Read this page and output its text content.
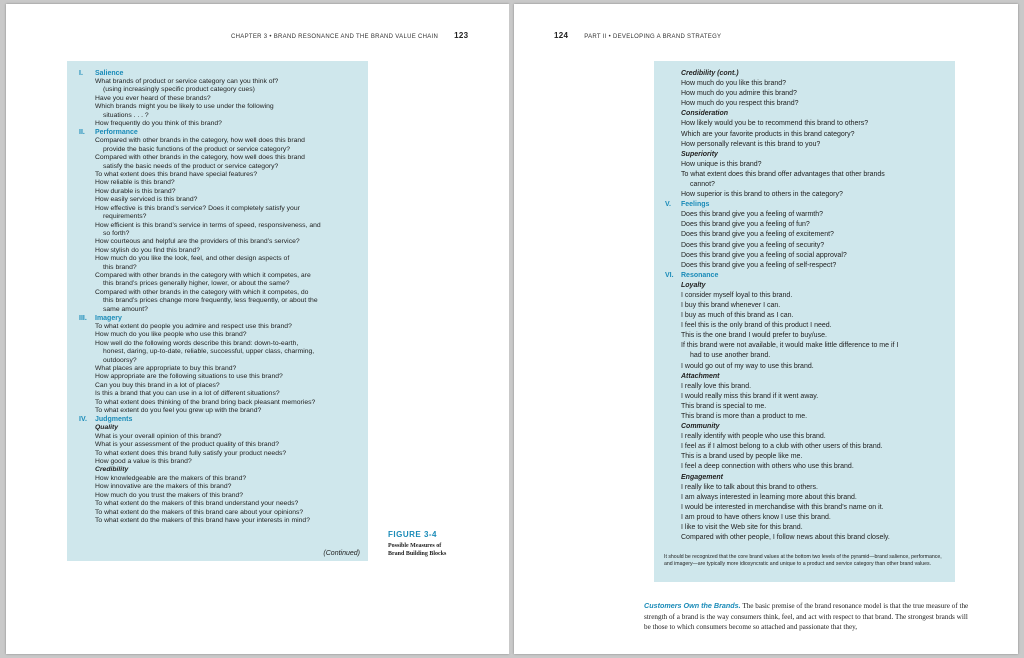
CHAPTER 3 • BRAND RESONANCE AND THE BRAND VALUE CHAIN 123
I. Salience
What brands of product or service category can you think of?
(using increasingly specific product category cues)
Have you ever heard of these brands?
Which brands might you be likely to use under the following
situations . . . ?
How frequently do you think of this brand?
II. Performance
Compared with other brands in the category, how well does this brand
provide the basic functions of the product or service category?
Compared with other brands in the category, how well does this brand
satisfy the basic needs of the product or service category?
To what extent does this brand have special features?
How reliable is this brand?
How durable is this brand?
How easily serviced is this brand?
How effective is this brand’s service? Does it completely satisfy your
requirements?
How efficient is this brand’s service in terms of speed, responsiveness, and
so forth?
How courteous and helpful are the providers of this brand’s service?
How stylish do you find this brand?
How much do you like the look, feel, and other design aspects of
this brand?
Compared with other brands in the category with which it competes, are
this brand’s prices generally higher, lower, or about the same?
Compared with other brands in the category with which it competes, do
this brand’s prices change more frequently, less frequently, or about the
same amount?
III. Imagery
To what extent do people you admire and respect use this brand?
How much do you like people who use this brand?
How well do the following words describe this brand: down-to-earth,
honest, daring, up-to-date, reliable, successful, upper class, charming,
outdoorsy?
What places are appropriate to buy this brand?
How appropriate are the following situations to use this brand?
Can you buy this brand in a lot of places?
Is this a brand that you can use in a lot of different situations?
To what extent does thinking of the brand bring back pleasant memories?
To what extent do you feel you grew up with the brand?
IV. Judgments
Quality
What is your overall opinion of this brand?
What is your assessment of the product quality of this brand?
To what extent does this brand fully satisfy your product needs?
How good a value is this brand?
Credibility
How knowledgeable are the makers of this brand?
How innovative are the makers of this brand?
How much do you trust the makers of this brand?
To what extent do the makers of this brand understand your needs?
To what extent do the makers of this brand care about your opinions?
To what extent do the makers of this brand have your interests in mind?
(Continued)
FIGURE 3-4
Possible Measures of
Brand Building Blocks
124	PART II • DEVELOPING A BRAND STRATEGY
Credibility (cont.)
How much do you like this brand?
How much do you admire this brand?
How much do you respect this brand?
Consideration
How likely would you be to recommend this brand to others?
Which are your favorite products in this brand category?
How personally relevant is this brand to you?
Superiority
How unique is this brand?
To what extent does this brand offer advantages that other brands
cannot?
How superior is this brand to others in the category?
V. Feelings
Does this brand give you a feeling of warmth?
Does this brand give you a feeling of fun?
Does this brand give you a feeling of excitement?
Does this brand give you a feeling of security?
Does this brand give you a feeling of social approval?
Does this brand give you a feeling of self-respect?
VI. Resonance
Loyalty
I consider myself loyal to this brand.
I buy this brand whenever I can.
I buy as much of this brand as I can.
I feel this is the only brand of this product I need.
This is the one brand I would prefer to buy/use.
If this brand were not available, it would make little difference to me if I
had to use another brand.
I would go out of my way to use this brand.
Attachment
I really love this brand.
I would really miss this brand if it went away.
This brand is special to me.
This brand is more than a product to me.
Community
I really identify with people who use this brand.
I feel as if I almost belong to a club with other users of this brand.
This is a brand used by people like me.
I feel a deep connection with others who use this brand.
Engagement
I really like to talk about this brand to others.
I am always interested in learning more about this brand.
I would be interested in merchandise with this brand’s name on it.
I am proud to have others know I use this brand.
I like to visit the Web site for this brand.
Compared with other people, I follow news about this brand closely.
It should be recognized that the core brand values at the bottom two levels of the pyramid—brand salience, performance, and imagery—are typically more idiosyncratic and unique to a product and service category than other brand values.
Customers Own the Brands. The basic premise of the brand resonance model is that the true measure of the strength of a brand is the way consumers think, feel, and act with respect to that brand. The strongest brands will be those to which consumers become so attached and passionate that they,
